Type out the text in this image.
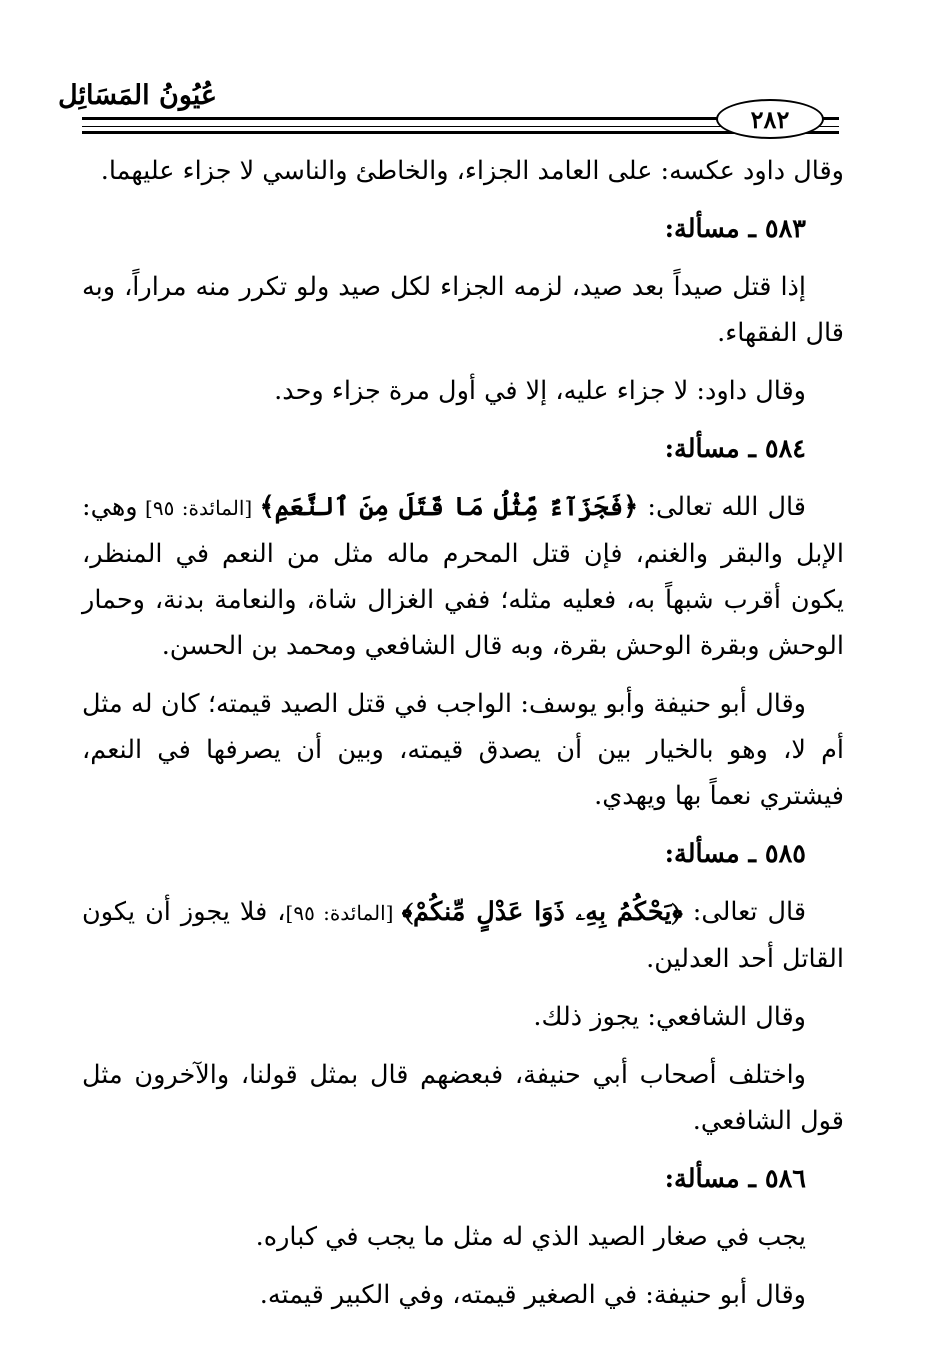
عُيُونُ المَسَائِل
٢٨٢

وقال داود عكسه: على العامد الجزاء، والخاطئ والناسي لا جزاء عليهما.

٥٨٣ ـ مسألة:

إذا قتل صيداً بعد صيد، لزمه الجزاء لكل صيد ولو تكرر منه مراراً، وبه قال الفقهاء.

وقال داود: لا جزاء عليه، إلا في أول مرة جزاء وحد.

٥٨٤ ـ مسألة:

قال الله تعالى: ﴿فَجَزَآءٌ مِّثْلُ مَا قَتَلَ مِنَ ٱلنَّعَمِ﴾ [المائدة: ٩٥] وهي: الإبل والبقر والغنم، فإن قتل المحرم ماله مثل من النعم في المنظر، يكون أقرب شبهاً به، فعليه مثله؛ ففي الغزال شاة، والنعامة بدنة، وحمار الوحش وبقرة الوحش بقرة، وبه قال الشافعي ومحمد بن الحسن.

وقال أبو حنيفة وأبو يوسف: الواجب في قتل الصيد قيمته؛ كان له مثل أم لا، وهو بالخيار بين أن يصدق قيمته، وبين أن يصرفها في النعم، فيشتري نعماً بها ويهدي.

٥٨٥ ـ مسألة:

قال تعالى: ﴿يَحْكُمُ بِهِۦ ذَوَا عَدْلٍ مِّنكُمْ﴾ [المائدة: ٩٥]، فلا يجوز أن يكون القاتل أحد العدلين.

وقال الشافعي: يجوز ذلك.

واختلف أصحاب أبي حنيفة، فبعضهم قال بمثل قولنا، والآخرون مثل قول الشافعي.

٥٨٦ ـ مسألة:

يجب في صغار الصيد الذي له مثل ما يجب في كباره.

وقال أبو حنيفة: في الصغير قيمته، وفي الكبير قيمته.
